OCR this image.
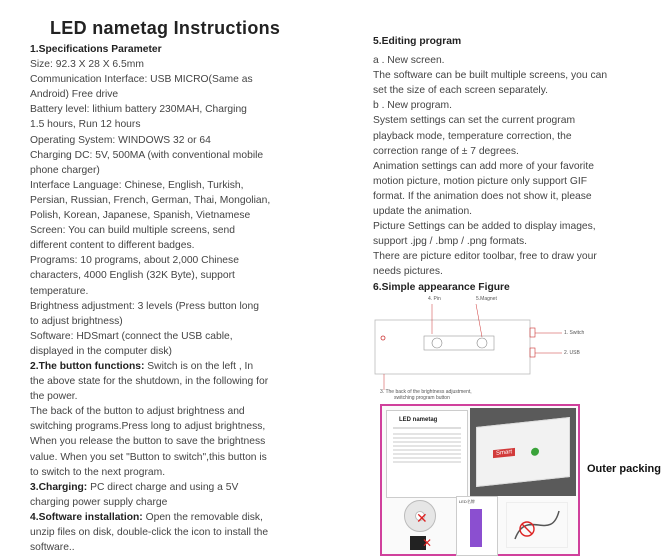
LED nametag Instructions

1.Specifications Parameter

Size: 92.3 X 28 X 6.5mm

Communication Interface: USB MICRO(Same as

Android) Free drive

Battery level: lithium battery 230MAH, Charging

1.5 hours, Run 12 hours

Operating System: WINDOWS 32 or 64

Charging DC: 5V, 500MA (with conventional mobile

phone charger)

Interface Language: Chinese, English, Turkish,

Persian, Russian, French, German, Thai, Mongolian,

Polish, Korean, Japanese, Spanish, Vietnamese

Screen: You can build multiple screens, send

different content to different badges.

Programs: 10 programs, about 2,000 Chinese

characters, 4000 English (32K Byte), support

temperature.

Brightness adjustment: 3 levels (Press button long

to adjust brightness)

Software: HDSmart (connect the USB cable,

displayed in the computer disk)

2.The button functions: Switch is on the left , In

the above state for the shutdown, in the following for

the power.

The back of the button to adjust brightness and

switching programs.Press long to adjust brightness,

When you release the button to save the brightness

value. When you set "Button to switch",this button is

to switch to the next program.

3.Charging: PC direct charge and using a 5V

charging power supply charge

4.Software installation: Open the removable disk,

unzip files on disk, double-click the icon to install the

software..

5.Editing program

a . New screen.

The software can be built multiple screens, you can

set the size of each screen separately.

b . New program.

System settings can set the current program

playback mode, temperature correction, the

correction range of ± 7 degrees.

Animation settings can add more of your favorite

motion picture, motion picture only support GIF

format. If the animation does not show it, please

update the animation.

Picture Settings can be added to display images,

support .jpg / .bmp / .png formats.

There are picture editor toolbar, free to draw your

needs pictures.

6.Simple appearance Figure

4. Pin	5.Magnet
1. Switch
2. USB
3. The back of the brightness adjustment,
switching program button
LED nametag
Smart
✕
LED名牌
✕
Outer packing
